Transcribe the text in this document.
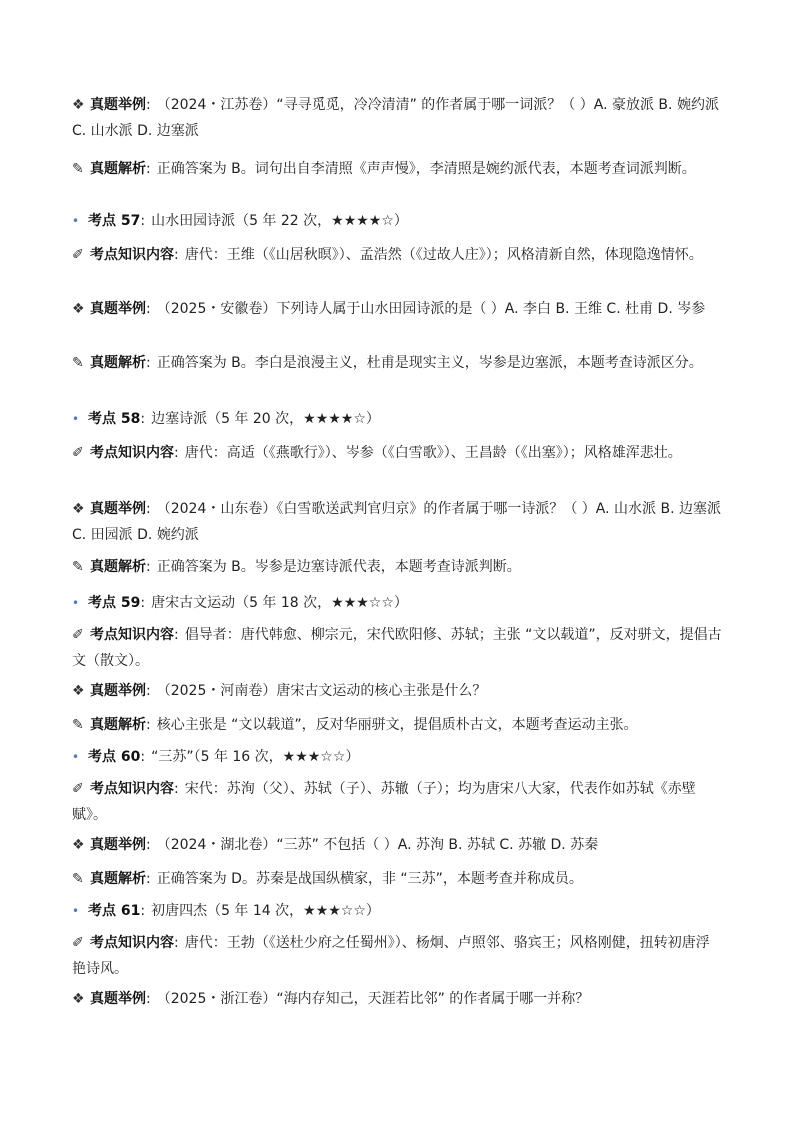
❖ 真题举例: （2024・江苏卷）“寻寻觅觅，冷冷清清” 的作者属于哪一词派？（ ）A. 豪放派 B. 婉约派 C. 山水派 D. 边塞派

✎ 真题解析: 正确答案为 B。词句出自李清照《声声慢》，李清照是婉约派代表，本题考查词派判断。

• 考点 57: 山水田园诗派（5 年 22 次，★★★★☆）

✐ 考点知识内容: 唐代：王维（《山居秋暝》）、孟浩然（《过故人庄》）；风格清新自然，体现隐逸情怀。

❖ 真题举例: （2025・安徽卷）下列诗人属于山水田园诗派的是（ ）A. 李白 B. 王维 C. 杜甫 D. 岑参

✎ 真题解析: 正确答案为 B。李白是浪漫主义，杜甫是现实主义，岑参是边塞派，本题考查诗派区分。

• 考点 58: 边塞诗派（5 年 20 次，★★★★☆）

✐ 考点知识内容: 唐代：高适（《燕歌行》）、岑参（《白雪歌》）、王昌龄（《出塞》）；风格雄浑悲壮。

❖ 真题举例: （2024・山东卷）《白雪歌送武判官归京》的作者属于哪一诗派？（ ）A. 山水派 B. 边塞派 C. 田园派 D. 婉约派

✎ 真题解析: 正确答案为 B。岑参是边塞诗派代表，本题考查诗派判断。

• 考点 59: 唐宋古文运动（5 年 18 次，★★★☆☆）

✐ 考点知识内容: 倡导者：唐代韩愈、柳宗元，宋代欧阳修、苏轼；主张 “文以载道”，反对骈文，提倡古文（散文）。

❖ 真题举例: （2025・河南卷）唐宋古文运动的核心主张是什么？

✎ 真题解析: 核心主张是 “文以载道”，反对华丽骈文，提倡质朴古文，本题考查运动主张。

• 考点 60: “三苏”（5 年 16 次，★★★☆☆）

✐ 考点知识内容: 宋代：苏洵（父）、苏轼（子）、苏辙（子）；均为唐宋八大家，代表作如苏轼《赤壁赋》。

❖ 真题举例: （2024・湖北卷）“三苏” 不包括（ ）A. 苏洵 B. 苏轼 C. 苏辙 D. 苏秦

✎ 真题解析: 正确答案为 D。苏秦是战国纵横家，非 “三苏”，本题考查并称成员。

• 考点 61: 初唐四杰（5 年 14 次，★★★☆☆）

✐ 考点知识内容: 唐代：王勃（《送杜少府之任蜀州》）、杨炯、卢照邻、骆宾王；风格刚健，扭转初唐浮艳诗风。

❖ 真题举例: （2025・浙江卷）“海内存知己，天涯若比邻” 的作者属于哪一并称？
